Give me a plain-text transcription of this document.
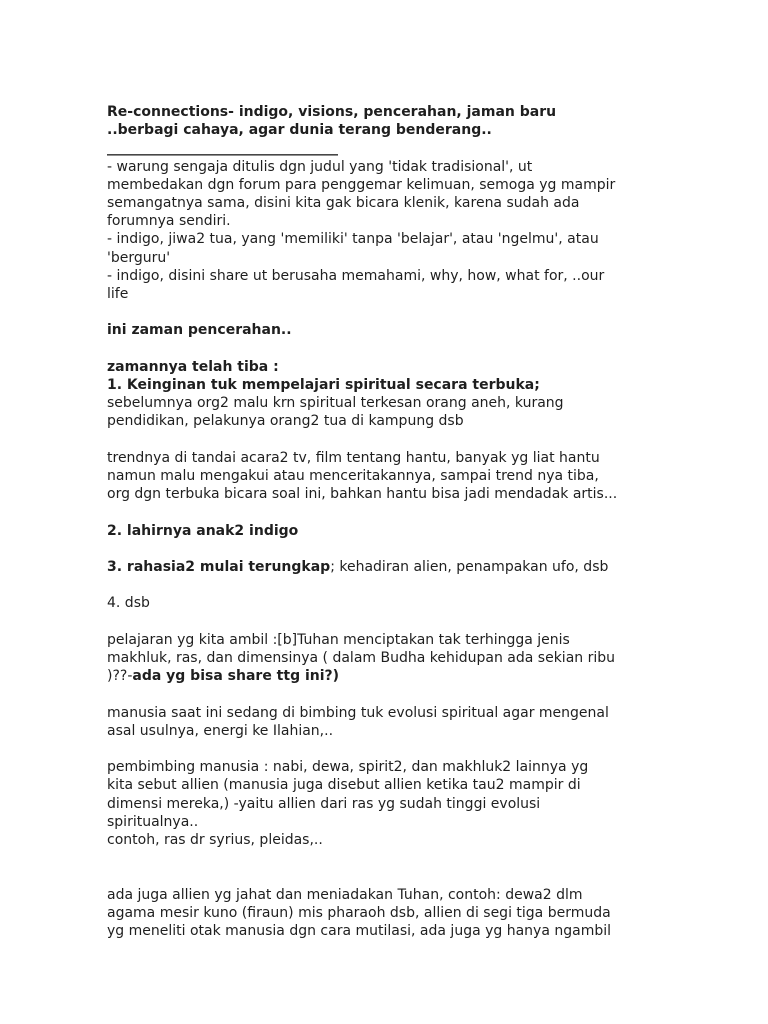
Re-connections- indigo, visions, pencerahan, jaman baru
..berbagi cahaya, agar dunia terang benderang..
_________________________________
- warung sengaja ditulis dgn judul yang 'tidak tradisional', ut
membedakan dgn forum para penggemar kelimuan, semoga yg mampir
semangatnya sama, disini kita gak bicara klenik, karena sudah ada
forumnya sendiri.
- indigo, jiwa2 tua, yang 'memiliki' tanpa 'belajar', atau 'ngelmu', atau
'berguru'
- indigo, disini share ut berusaha memahami, why, how, what for, ..our
life
ini zaman pencerahan..
zamannya telah tiba :
1. Keinginan tuk mempelajari spiritual secara terbuka;
sebelumnya org2 malu krn spiritual terkesan orang aneh, kurang
pendidikan, pelakunya orang2 tua di kampung dsb
trendnya di tandai acara2 tv, film tentang hantu, banyak yg liat hantu
namun malu mengakui atau menceritakannya, sampai trend nya tiba,
org dgn terbuka bicara soal ini, bahkan hantu bisa jadi mendadak artis...
2. lahirnya anak2 indigo
3. rahasia2 mulai terungkap; kehadiran alien, penampakan ufo, dsb
4. dsb
pelajaran yg kita ambil :[b]Tuhan menciptakan tak terhingga jenis
makhluk, ras, dan dimensinya ( dalam Budha kehidupan ada sekian ribu
)??-ada yg bisa share ttg ini?)
manusia saat ini sedang di bimbing tuk evolusi spiritual agar mengenal
asal usulnya, energi ke Ilahian,..
pembimbing manusia : nabi, dewa, spirit2, dan makhluk2 lainnya yg
kita sebut allien (manusia juga disebut allien ketika tau2 mampir di
dimensi mereka,) -yaitu allien dari ras yg sudah tinggi evolusi
spiritualnya..
contoh, ras dr syrius, pleidas,..
ada juga allien yg jahat dan meniadakan Tuhan, contoh: dewa2 dlm
agama mesir kuno (firaun) mis pharaoh dsb, allien di segi tiga bermuda
yg meneliti otak manusia dgn cara mutilasi, ada juga yg hanya ngambil
